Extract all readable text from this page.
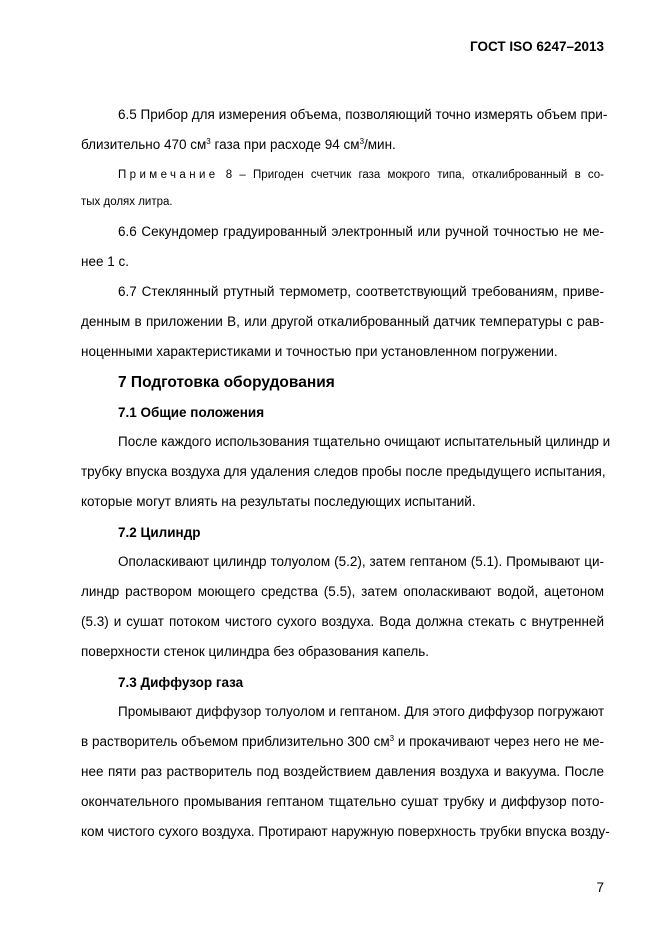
ГОСТ ISO 6247–2013
6.5 Прибор для измерения объема, позволяющий точно измерять объем при-
близительно 470 $см^3$ газа при расходе 94 $см^3$/мин.
Примечание 8 – Пригоден счетчик газа мокрого типа, откалиброванный в со-
тых долях литра.
6.6 Секундомер градуированный электронный или ручной точностью не ме-
нее 1 с.
6.7 Стеклянный ртутный термометр, соответствующий требованиям, приве-
денным в приложении В, или другой откалиброванный датчик температуры с рав-
ноценными характеристиками и точностью при установленном погружении.
7 Подготовка оборудования
7.1 Общие положения
После каждого использования тщательно очищают испытательный цилиндр и
трубку впуска воздуха для удаления следов пробы после предыдущего испытания,
которые могут влиять на результаты последующих испытаний.
7.2 Цилиндр
Ополаскивают цилиндр толуолом (5.2), затем гептаном (5.1). Промывают ци-
линдр раствором моющего средства (5.5), затем ополаскивают водой, ацетоном
(5.3) и сушат потоком чистого сухого воздуха. Вода должна стекать с внутренней
поверхности стенок цилиндра без образования капель.
7.3 Диффузор газа
Промывают диффузор толуолом и гептаном. Для этого диффузор погружают
в растворитель объемом приблизительно 300 $см^3$ и прокачивают через него не ме-
нее пяти раз растворитель под воздействием давления воздуха и вакуума. После
окончательного промывания гептаном тщательно сушат трубку и диффузор пото-
ком чистого сухого воздуха. Протирают наружную поверхность трубки впуска возду-
7
